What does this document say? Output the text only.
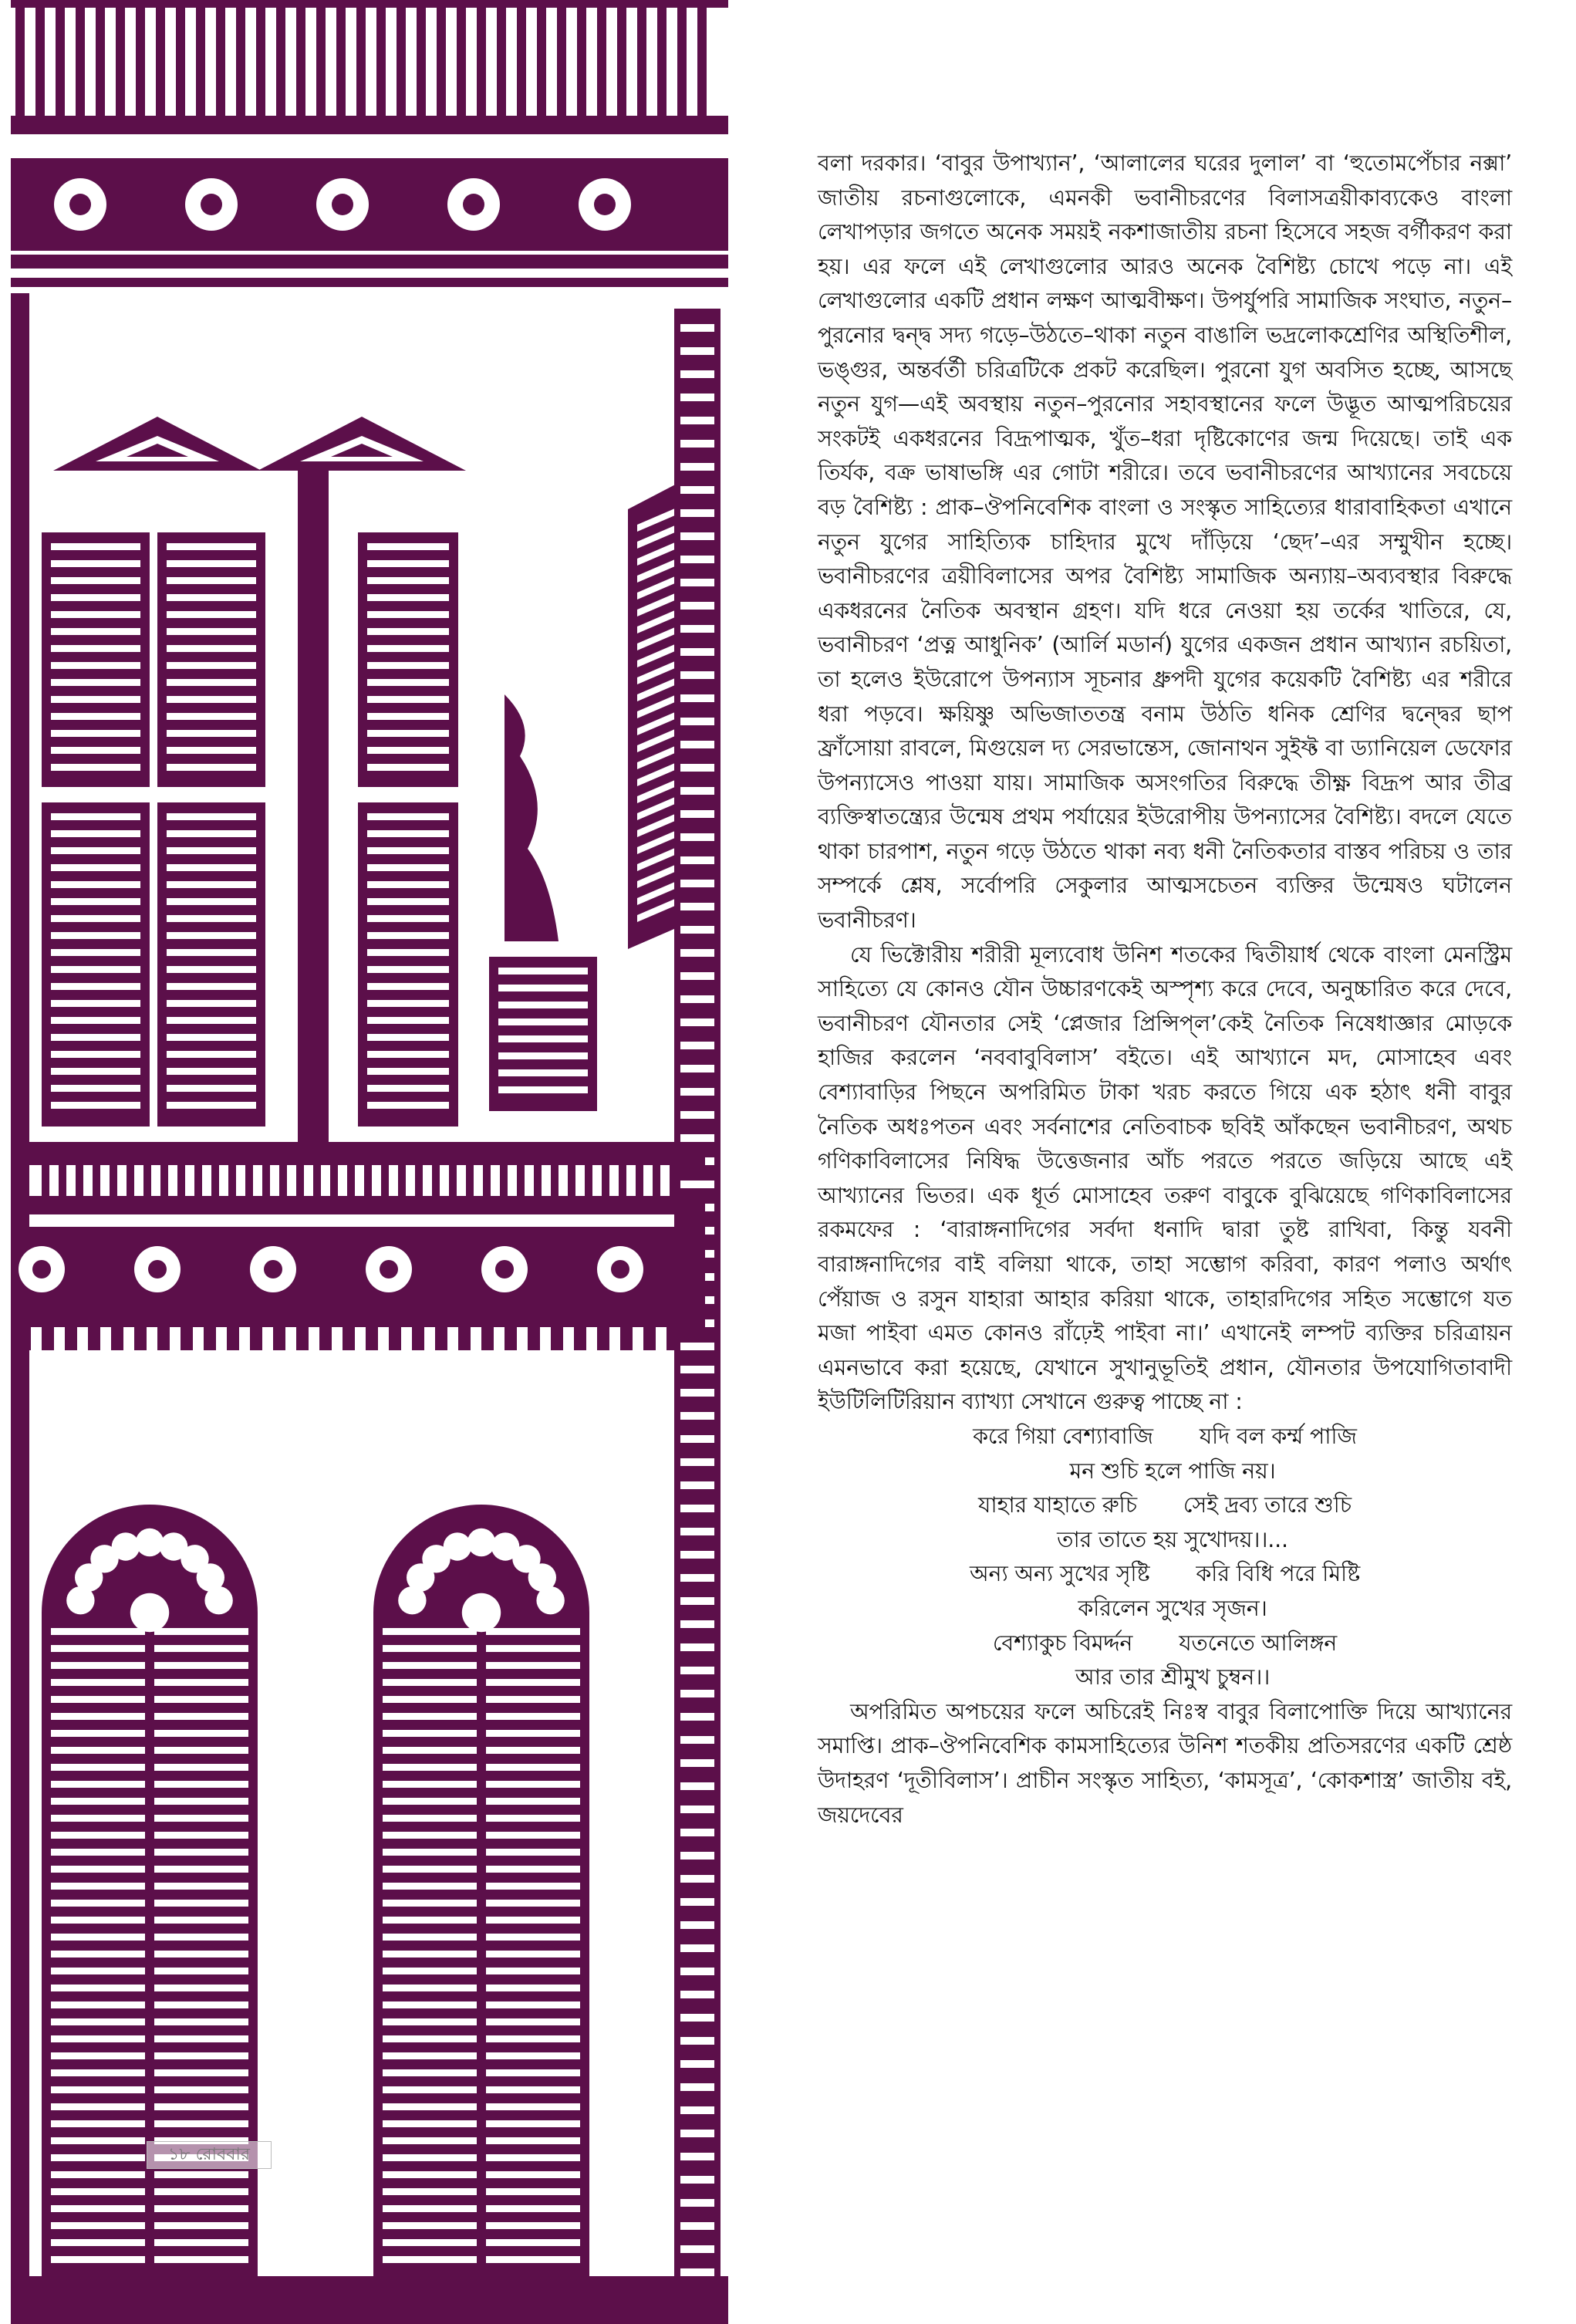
বলা দরকার। ‘বাবুর উপাখ্যান’, ‘আলালের ঘরের দুলাল’ বা ‘হুতোমপেঁচার নক্সা’ জাতীয় রচনাগুলোকে, এমনকী ভবানীচরণের বিলাসত্রয়ীকাব্যকেও বাংলা লেখাপড়ার জগতে অনেক সময়ই নকশাজাতীয় রচনা হিসেবে সহজ বর্গীকরণ করা হয়। এর ফলে এই লেখাগুলোর আরও অনেক বৈশিষ্ট্য চোখে পড়ে না। এই লেখাগুলোর একটি প্রধান লক্ষণ আত্মবীক্ষণ। উপর্যুপরি সামাজিক সংঘাত, নতুন–পুরনোর দ্বন্দ্ব সদ্য গড়ে–উঠতে–থাকা নতুন বাঙালি ভদ্রলোকশ্রেণির অস্থিতিশীল, ভঙ্গুর, অন্তর্বর্তী চরিত্রটিকে প্রকট করেছিল। পুরনো যুগ অবসিত হচ্ছে, আসছে নতুন যুগ—এই অবস্থায় নতুন–পুরনোর সহাবস্থানের ফলে উদ্ভূত আত্মপরিচয়ের সংকটই একধরনের বিদ্রূপাত্মক, খুঁত–ধরা দৃষ্টিকোণের জন্ম দিয়েছে। তাই এক তির্যক, বক্র ভাষাভঙ্গি এর গোটা শরীরে। তবে ভবানীচরণের আখ্যানের সবচেয়ে বড় বৈশিষ্ট্য : প্রাক–ঔপনিবেশিক বাংলা ও সংস্কৃত সাহিত্যের ধারাবাহিকতা এখানে নতুন যুগের সাহিত্যিক চাহিদার মুখে দাঁড়িয়ে ‘ছেদ’–এর সম্মুখীন হচ্ছে। ভবানীচরণের ত্রয়ীবিলাসের অপর বৈশিষ্ট্য সামাজিক অন্যায়–অব্যবস্থার বিরুদ্ধে একধরনের নৈতিক অবস্থান গ্রহণ। যদি ধরে নেওয়া হয় তর্কের খাতিরে, যে, ভবানীচরণ ‘প্রত্ন আধুনিক’ (আর্লি মডার্ন) যুগের একজন প্রধান আখ্যান রচয়িতা, তা হলেও ইউরোপে উপন্যাস সূচনার ধ্রুপদী যুগের কয়েকটি বৈশিষ্ট্য এর শরীরে ধরা পড়বে। ক্ষয়িষ্ণু অভিজাততন্ত্র বনাম উঠতি ধনিক শ্রেণির দ্বন্দ্বের ছাপ ফ্রাঁসোয়া রাবলে, মিগুয়েল দ্য সেরভান্তেস, জোনাথন সুইফ্ট বা ড্যানিয়েল ডেফোর উপন্যাসেও পাওয়া যায়। সামাজিক অসংগতির বিরুদ্ধে তীক্ষ্ণ বিদ্রূপ আর তীব্র ব্যক্তিস্বাতন্ত্র্যের উন্মেষ প্রথম পর্যায়ের ইউরোপীয় উপন্যাসের বৈশিষ্ট্য। বদলে যেতে থাকা চারপাশ, নতুন গড়ে উঠতে থাকা নব্য ধনী নৈতিকতার বাস্তব পরিচয় ও তার সম্পর্কে শ্লেষ, সর্বোপরি সেকুলার আত্মসচেতন ব্যক্তির উন্মেষও ঘটালেন ভবানীচরণ।

যে ভিক্টোরীয় শরীরী মূল্যবোধ উনিশ শতকের দ্বিতীয়ার্ধ থেকে বাংলা মেনস্ট্রিম সাহিত্যে যে কোনও যৌন উচ্চারণকেই অস্পৃশ্য করে দেবে, অনুচ্চারিত করে দেবে, ভবানীচরণ যৌনতার সেই ‘প্লেজার প্রিন্সিপ্‌ল’কেই নৈতিক নিষেধাজ্ঞার মোড়কে হাজির করলেন ‘নববাবুবিলাস’ বইতে। এই আখ্যানে মদ, মোসাহেব এবং বেশ্যাবাড়ির পিছনে অপরিমিত টাকা খরচ করতে গিয়ে এক হঠাৎ ধনী বাবুর নৈতিক অধঃপতন এবং সর্বনাশের নেতিবাচক ছবিই আঁকছেন ভবানীচরণ, অথচ গণিকাবিলাসের নিষিদ্ধ উত্তেজনার আঁচ পরতে পরতে জড়িয়ে আছে এই আখ্যানের ভিতর। এক ধূর্ত মোসাহেব তরুণ বাবুকে বুঝিয়েছে গণিকাবিলাসের রকমফের : ‘বারাঙ্গনাদিগের সর্বদা ধনাদি দ্বারা তুষ্ট রাখিবা, কিন্তু যবনী বারাঙ্গনাদিগের বাই বলিয়া থাকে, তাহা সম্ভোগ করিবা, কারণ পলাও অর্থাৎ পেঁয়াজ ও রসুন যাহারা আহার করিয়া থাকে, তাহারদিগের সহিত সম্ভোগে যত মজা পাইবা এমত কোনও রাঁঢ়েই পাইবা না।’ এখানেই লম্পট ব্যক্তির চরিত্রায়ন এমনভাবে করা হয়েছে, যেখানে সুখানুভূতিই প্রধান, যৌনতার উপযোগিতাবাদী ইউটিলিটিরিয়ান ব্যাখ্যা সেখানে গুরুত্ব পাচ্ছে না :

করে গিয়া বেশ্যাবাজি যদি বল কর্ম্ম পাজি
মন শুচি হলে পাজি নয়।
যাহার যাহাতে রুচি সেই দ্রব্য তারে শুচি
তার তাতে হয় সুখোদয়।।...
অন্য অন্য সুখের সৃষ্টি করি বিধি পরে মিষ্টি
করিলেন সুখের সৃজন।
বেশ্যাকুচ বিমর্দ্দন যতনেতে আলিঙ্গন
আর তার শ্রীমুখ চুম্বন।।

অপরিমিত অপচয়ের ফলে অচিরেই নিঃস্ব বাবুর বিলাপোক্তি দিয়ে আখ্যানের সমাপ্তি। প্রাক–ঔপনিবেশিক কামসাহিত্যের উনিশ শতকীয় প্রতিসরণের একটি শ্রেষ্ঠ উদাহরণ ‘দূতীবিলাস’। প্রাচীন সংস্কৃত সাহিত্য, ‘কামসূত্র’, ‘কোকশাস্ত্র’ জাতীয় বই, জয়দেবের

১৮ রোববার
